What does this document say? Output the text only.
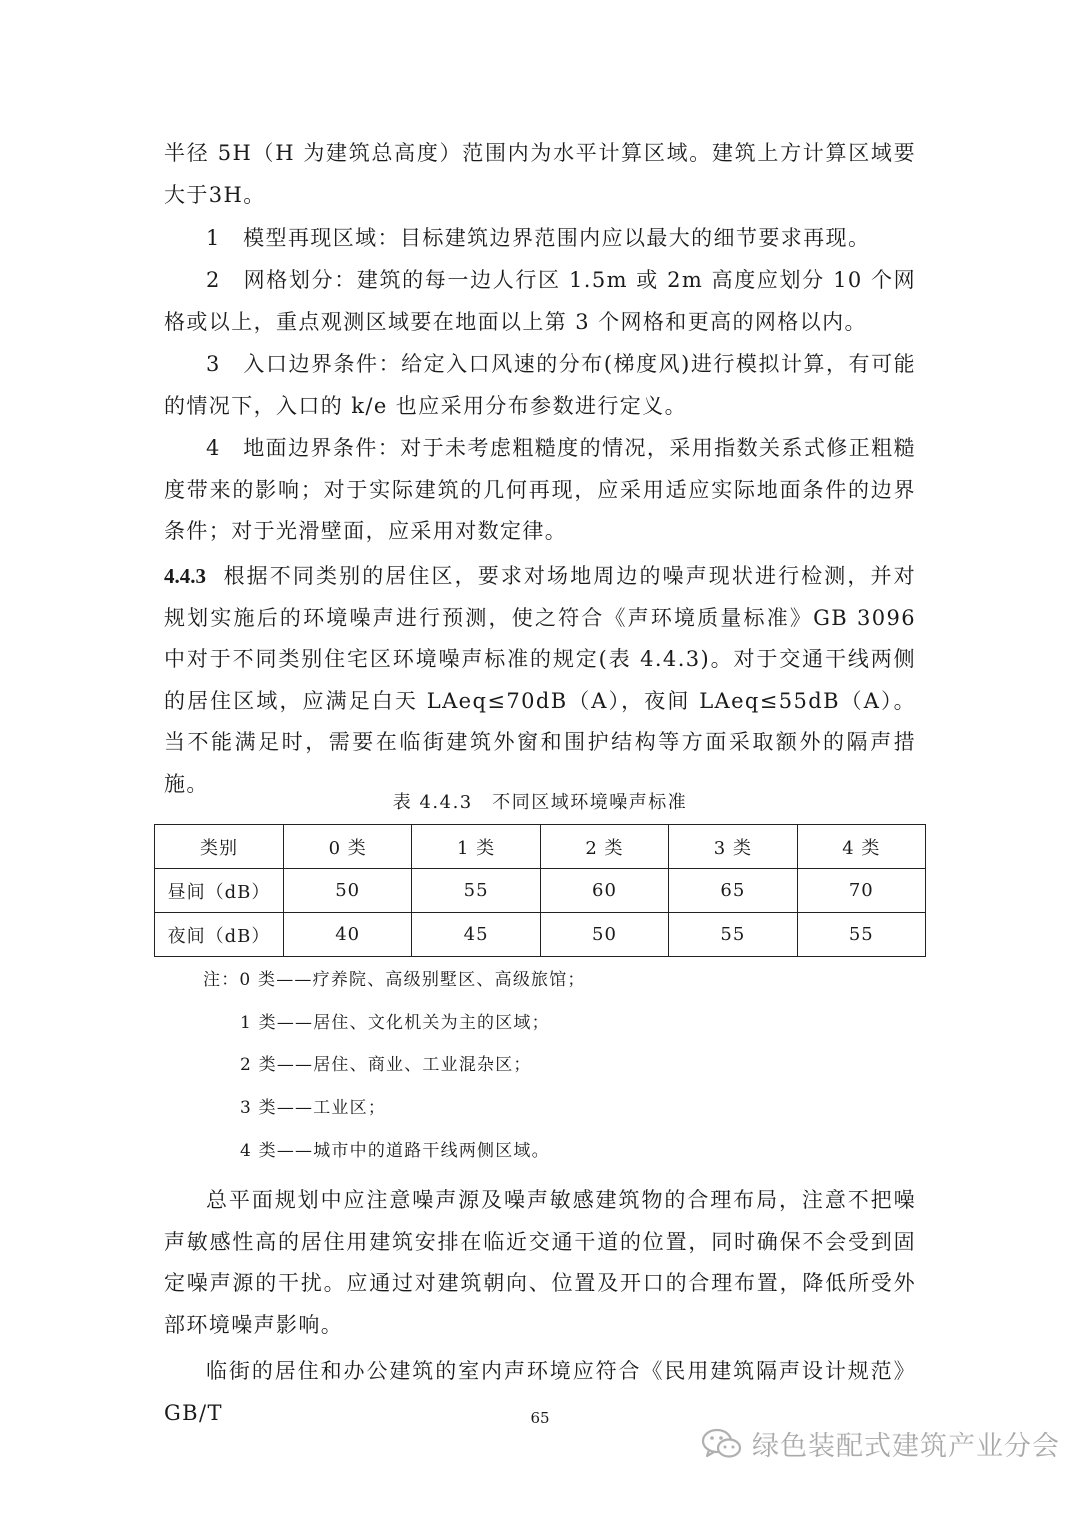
半径 5H（H 为建筑总高度）范围内为水平计算区域。建筑上方计算区域要大于3H。

1　模型再现区域：目标建筑边界范围内应以最大的细节要求再现。

2　网格划分：建筑的每一边人行区 1.5m 或 2m 高度应划分 10 个网格或以上，重点观测区域要在地面以上第 3 个网格和更高的网格以内。

3　入口边界条件：给定入口风速的分布(梯度风)进行模拟计算，有可能的情况下，入口的 k/e 也应采用分布参数进行定义。

4　地面边界条件：对于未考虑粗糙度的情况，采用指数关系式修正粗糙度带来的影响；对于实际建筑的几何再现，应采用适应实际地面条件的边界条件；对于光滑壁面，应采用对数定律。

4.4.3 根据不同类别的居住区，要求对场地周边的噪声现状进行检测，并对规划实施后的环境噪声进行预测，使之符合《声环境质量标准》GB 3096 中对于不同类别住宅区环境噪声标准的规定(表 4.4.3)。对于交通干线两侧的居住区域，应满足白天 LAeq≤70dB（A），夜间 LAeq≤55dB（A）。当不能满足时，需要在临街建筑外窗和围护结构等方面采取额外的隔声措施。

表 4.4.3　不同区域环境噪声标准
类别	0 类	1 类	2 类	3 类	4 类
昼间（dB）	50	55	60	65	70
夜间（dB）	40	45	50	55	55
注：0 类——疗养院、高级别墅区、高级旅馆；
1 类——居住、文化机关为主的区域；
2 类——居住、商业、工业混杂区；
3 类——工业区；
4 类——城市中的道路干线两侧区域。

总平面规划中应注意噪声源及噪声敏感建筑物的合理布局，注意不把噪声敏感性高的居住用建筑安排在临近交通干道的位置，同时确保不会受到固定噪声源的干扰。应通过对建筑朝向、位置及开口的合理布置，降低所受外部环境噪声影响。

临街的居住和办公建筑的室内声环境应符合《民用建筑隔声设计规范》GB/T	65
绿色装配式建筑产业分会
